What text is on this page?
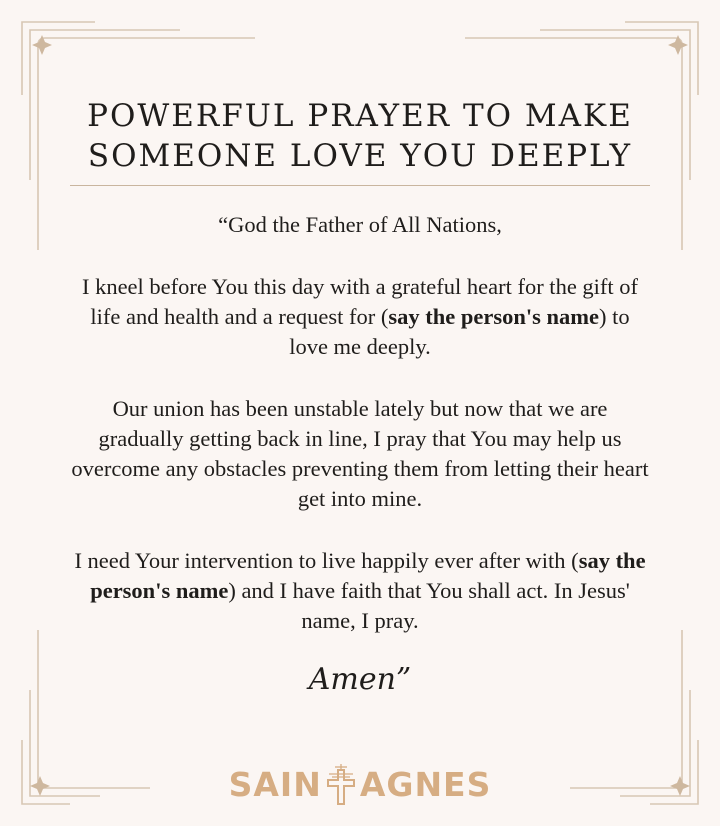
POWERFUL PRAYER TO MAKE
SOMEONE LOVE YOU DEEPLY

“God the Father of All Nations,

I kneel before You this day with a grateful heart for the gift of life and health and a request for (say the person's name) to love me deeply.

Our union has been unstable lately but now that we are gradually getting back in line, I pray that You may help us overcome any obstacles preventing them from letting their heart get into mine.

I need Your intervention to live happily ever after with (say the person's name) and I have faith that You shall act. In Jesus' name, I pray.

Amen”
SAIN AGNES
